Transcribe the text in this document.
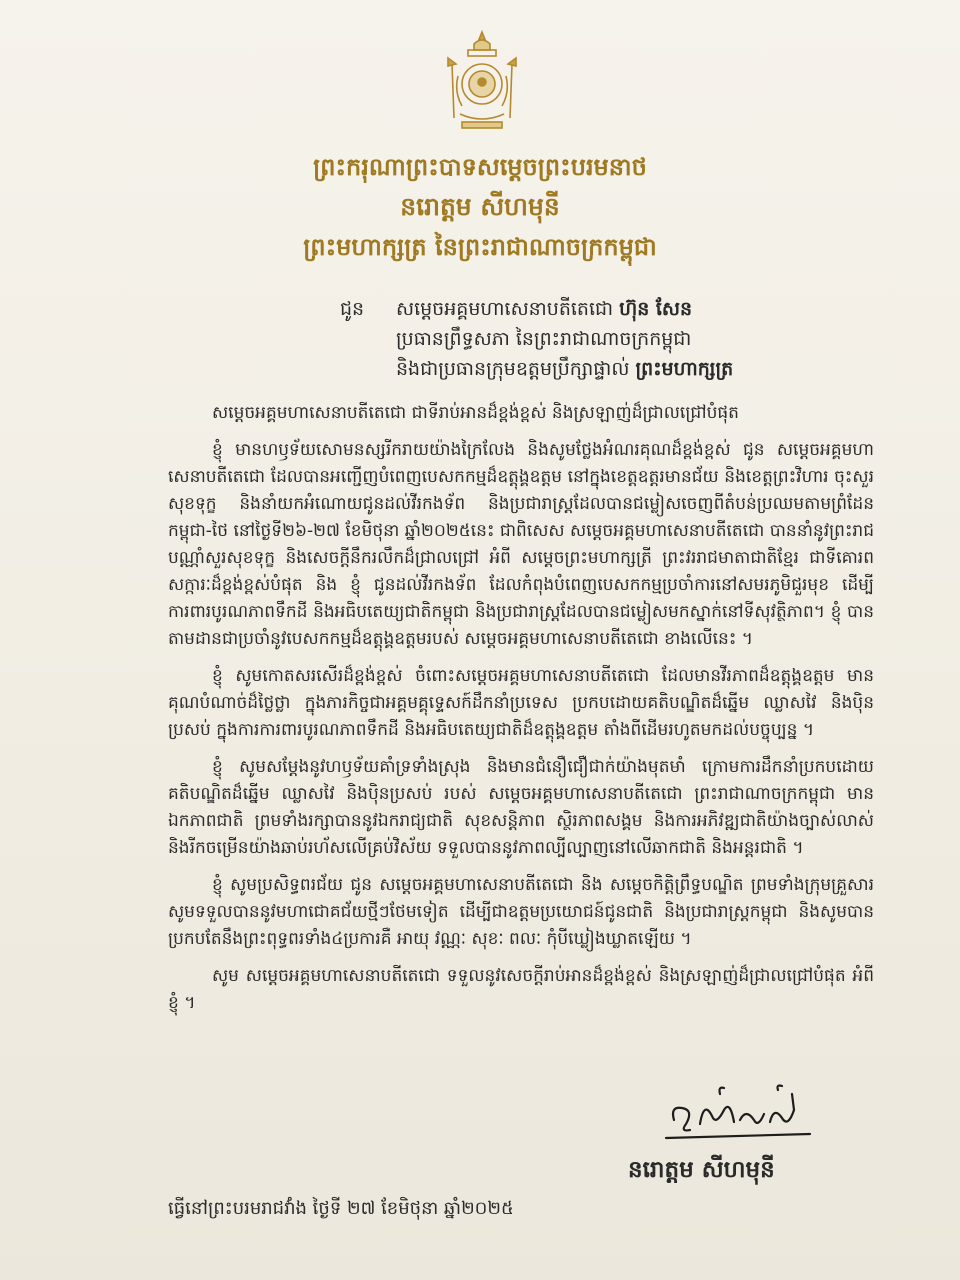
ព្រះករុណាព្រះបាទសម្តេចព្រះបរមនាថ
នរោត្តម សីហមុនី
ព្រះមហាក្សត្រ នៃព្រះរាជាណាចក្រកម្ពុជា
ជូន សម្តេចអគ្គមហាសេនាបតីតេជោ ហ៊ុន សែន
ប្រធានព្រឹទ្ធសភា នៃព្រះរាជាណាចក្រកម្ពុជា
និងជាប្រធានក្រុមឧត្តមប្រឹក្សាផ្ទាល់ ព្រះមហាក្សត្រ

សម្តេចអគ្គមហាសេនាបតីតេជោ ជាទីរាប់អានដ៏ខ្ពង់ខ្ពស់ និងស្រឡាញ់ដ៏ជ្រាលជ្រៅបំផុត

ខ្ញុំ មានហឫទ័យសោមនស្សរីករាយយ៉ាងក្រៃលែង និងសូមថ្លែងអំណរគុណដ៏ខ្ពង់ខ្ពស់ ជូន សម្តេចអគ្គមហាសេនាបតីតេជោ ដែលបានអញ្ជើញបំពេញបេសកកម្មដ៏ឧត្តុង្គឧត្តម នៅក្នុងខេត្តឧត្តរមានជ័យ និងខេត្តព្រះវិហារ ចុះសួរសុខទុក្ខ និងនាំយកអំណោយជូនដល់វីរកងទ័ព និងប្រជារាស្ត្រដែលបានជម្លៀសចេញពីតំបន់ប្រឈមតាមព្រំដែនកម្ពុជា-ថៃ នៅថ្ងៃទី២៦-២៧ ខែមិថុនា ឆ្នាំ២០២៥នេះ ជាពិសេស សម្តេចអគ្គមហាសេនាបតីតេជោ បាននាំនូវព្រះរាជបណ្ណាំសួរសុខទុក្ខ និងសេចក្តីនឹករលឹកដ៏ជ្រាលជ្រៅ អំពី សម្តេចព្រះមហាក្សត្រី ព្រះវររាជមាតាជាតិខ្មែរ ជាទីគោរពសក្ការៈដ៏ខ្ពង់ខ្ពស់បំផុត និង ខ្ញុំ ជូនដល់វីរកងទ័ព ដែលកំពុងបំពេញបេសកកម្មប្រចាំការនៅសមរភូមិជួរមុខ ដើម្បីការពារបូរណភាពទឹកដី និងអធិបតេយ្យជាតិកម្ពុជា និងប្រជារាស្ត្រដែលបានជម្លៀសមកស្នាក់នៅទីសុវត្ថិភាព។ ខ្ញុំ បានតាមដានជាប្រចាំនូវបេសកកម្មដ៏ឧត្តុង្គឧត្តមរបស់ សម្តេចអគ្គមហាសេនាបតីតេជោ ខាងលើនេះ ។

ខ្ញុំ សូមកោតសរសើរដ៏ខ្ពង់ខ្ពស់ ចំពោះសម្តេចអគ្គមហាសេនាបតីតេជោ ដែលមានវីរភាពដ៏ឧត្តុង្គឧត្តម មានគុណបំណាច់ដ៏ថ្លៃថ្លា ក្នុងភារកិច្ចជាអគ្គមគ្គុទ្ទេសក៍ដឹកនាំប្រទេស ប្រកបដោយគតិបណ្ឌិតដ៏ឆ្នើម ឈ្លាសវៃ និងប៉ិនប្រសប់ ក្នុងការការពារបូរណភាពទឹកដី និងអធិបតេយ្យជាតិដ៏ឧត្តុង្គឧត្តម តាំងពីដើមរហូតមកដល់បច្ចុប្បន្ន ។

ខ្ញុំ សូមសម្តែងនូវហឫទ័យគាំទ្រទាំងស្រុង និងមានជំនឿជឿជាក់យ៉ាងមុតមាំ ក្រោមការដឹកនាំប្រកបដោយគតិបណ្ឌិតដ៏ឆ្នើម ឈ្លាសវៃ និងប៉ិនប្រសប់ របស់ សម្តេចអគ្គមហាសេនាបតីតេជោ ព្រះរាជាណាចក្រកម្ពុជា មានឯកភាពជាតិ ព្រមទាំងរក្សាបាននូវឯករាជ្យជាតិ សុខសន្តិភាព ស្ថិរភាពសង្គម និងការអភិវឌ្ឍជាតិយ៉ាងច្បាស់លាស់ និងរីកចម្រើនយ៉ាងឆាប់រហ័សលើគ្រប់វិស័យ ទទួលបាននូវភាពល្បីល្បាញនៅលើឆាកជាតិ និងអន្តរជាតិ ។

ខ្ញុំ សូមប្រសិទ្ធពរជ័យ ជូន សម្តេចអគ្គមហាសេនាបតីតេជោ និង សម្តេចកិត្តិព្រឹទ្ធបណ្ឌិត ព្រមទាំងក្រុមគ្រួសារ សូមទទួលបាននូវមហាជោគជ័យថ្មីៗថែមទៀត ដើម្បីជាឧត្តមប្រយោជន៍ជូនជាតិ និងប្រជារាស្ត្រកម្ពុជា និងសូមបានប្រកបតែនឹងព្រះពុទ្ធពរទាំង៤ប្រការគឺ អាយុ វណ្ណៈ សុខៈ ពលៈ កុំបីឃ្លៀងឃ្លាតឡើយ ។

សូម សម្តេចអគ្គមហាសេនាបតីតេជោ ទទួលនូវសេចក្តីរាប់អានដ៏ខ្ពង់ខ្ពស់ និងស្រឡាញ់ដ៏ជ្រាលជ្រៅបំផុត អំពីខ្ញុំ ។

នរោត្តម សីហមុនី
ធ្វើនៅព្រះបរមរាជវាំង ថ្ងៃទី ២៧ ខែមិថុនា ឆ្នាំ២០២៥
